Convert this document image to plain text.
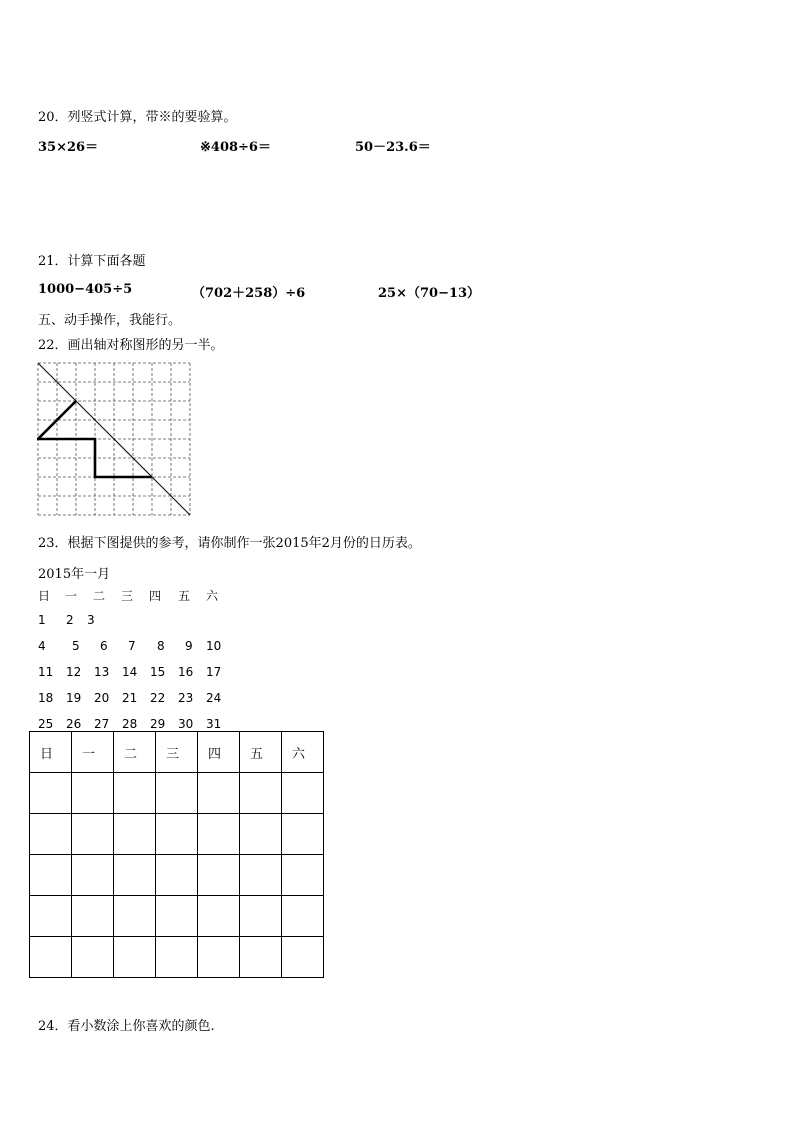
20．列竖式计算，带※的要验算。
35×26＝	※408÷6＝	50－23.6＝
21．计算下面各题
1000−405÷5	（702＋258）÷6	25×（70−13）
五、动手操作，我能行。
22．画出轴对称图形的另一半。
23．根据下图提供的参考，请你制作一张2015年2月份的日历表。
2015年一月
日 一 二 三 四 五 六
1 2 3
4 5 6 7 8 9 10
11 12 13 14 15 16 17
18 19 20 21 22 23 24
25 26 27 28 29 30 31
日	一	二	三	四	五	六

24．看小数涂上你喜欢的颜色.
